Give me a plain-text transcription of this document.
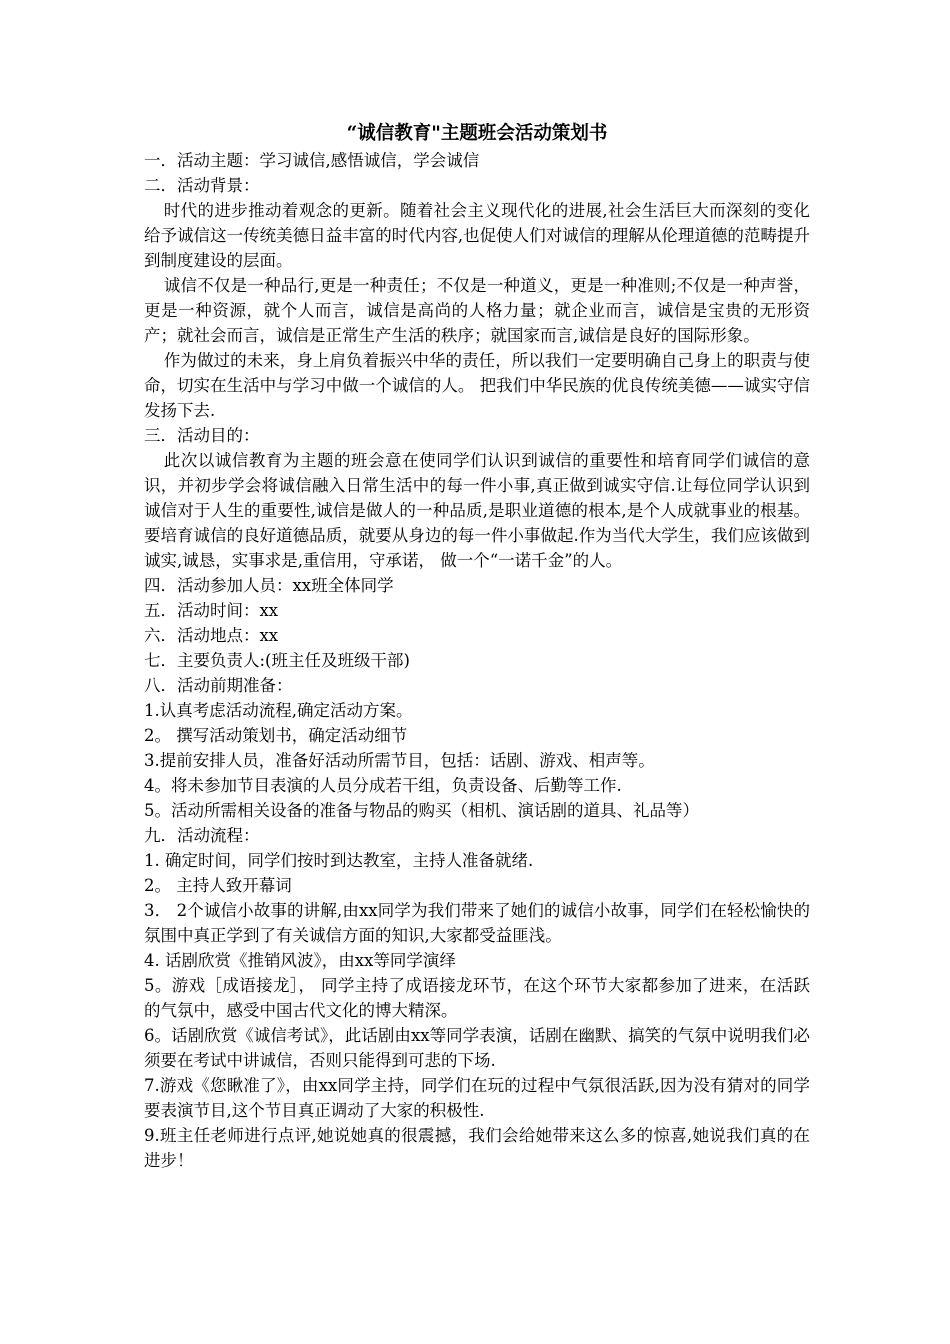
“诚信教育"主题班会活动策划书

一．活动主题：学习诚信,感悟诚信，学会诚信

二．活动背景：

时代的进步推动着观念的更新。随着社会主义现代化的进展,社会生活巨大而深刻的变化给予诚信这一传统美德日益丰富的时代内容,也促使人们对诚信的理解从伦理道德的范畴提升到制度建设的层面。

诚信不仅是一种品行,更是一种责任；不仅是一种道义，更是一种准则;不仅是一种声誉，更是一种资源，就个人而言，诚信是高尚的人格力量；就企业而言，诚信是宝贵的无形资产；就社会而言，诚信是正常生产生活的秩序；就国家而言,诚信是良好的国际形象。

作为做过的未来，身上肩负着振兴中华的责任，所以我们一定要明确自己身上的职责与使命，切实在生活中与学习中做一个诚信的人。 把我们中华民族的优良传统美德——诚实守信发扬下去.

三．活动目的：

此次以诚信教育为主题的班会意在使同学们认识到诚信的重要性和培育同学们诚信的意识，并初步学会将诚信融入日常生活中的每一件小事,真正做到诚实守信.让每位同学认识到诚信对于人生的重要性,诚信是做人的一种品质,是职业道德的根本,是个人成就事业的根基。要培育诚信的良好道德品质，就要从身边的每一件小事做起.作为当代大学生，我们应该做到诚实,诚恳，实事求是,重信用，守承诺， 做一个“一诺千金”的人。

四．活动参加人员：xx班全体同学

五．活动时间：xx

六．活动地点：xx

七．主要负责人:(班主任及班级干部)

八．活动前期准备：

1.认真考虑活动流程,确定活动方案。

2。 撰写活动策划书，确定活动细节

3.提前安排人员，准备好活动所需节目，包括：话剧、游戏、相声等。

4。将未参加节目表演的人员分成若干组，负责设备、后勤等工作.

5。活动所需相关设备的准备与物品的购买（相机、演话剧的道具、礼品等）

九．活动流程：

1. 确定时间，同学们按时到达教室，主持人准备就绪.

2。 主持人致开幕词

3． 2个诚信小故事的讲解,由xx同学为我们带来了她们的诚信小故事，同学们在轻松愉快的氛围中真正学到了有关诚信方面的知识,大家都受益匪浅。

4. 话剧欣赏《推销风波》，由xx等同学演绎

5。游戏［成语接龙］， 同学主持了成语接龙环节，在这个环节大家都参加了进来，在活跃的气氛中，感受中国古代文化的博大精深。

6。话剧欣赏《诚信考试》，此话剧由xx等同学表演，话剧在幽默、搞笑的气氛中说明我们必须要在考试中讲诚信，否则只能得到可悲的下场.

7.游戏《您瞅准了》，由xx同学主持，同学们在玩的过程中气氛很活跃,因为没有猜对的同学要表演节目,这个节目真正调动了大家的积极性.

9.班主任老师进行点评,她说她真的很震撼，我们会给她带来这么多的惊喜,她说我们真的在进步！
